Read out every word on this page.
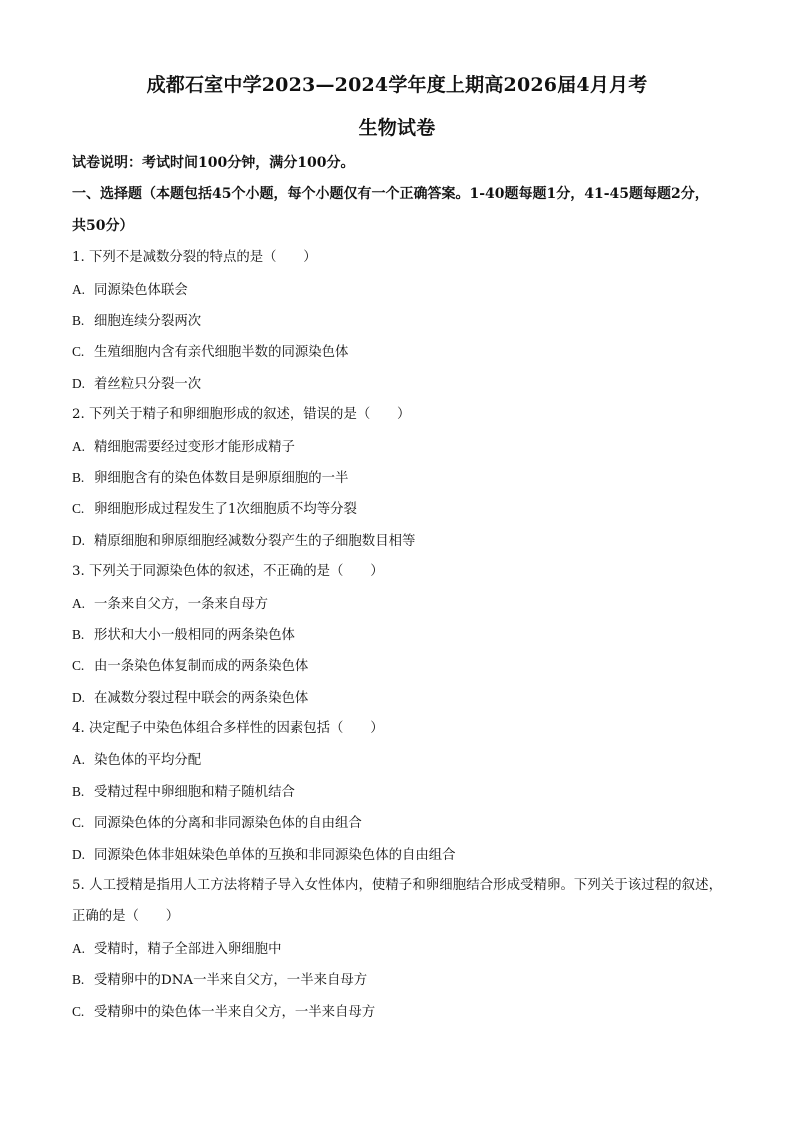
成都石室中学2023—2024学年度上期高2026届4月月考
生物试卷
试卷说明：考试时间100分钟，满分100分。
一、选择题（本题包括45个小题，每个小题仅有一个正确答案。1-40题每题1分，41-45题每题2分，共50分）
1. 下列不是减数分裂的特点的是（　　）
A. 同源染色体联会
B. 细胞连续分裂两次
C. 生殖细胞内含有亲代细胞半数的同源染色体
D. 着丝粒只分裂一次
2. 下列关于精子和卵细胞形成的叙述，错误的是（　　）
A. 精细胞需要经过变形才能形成精子
B. 卵细胞含有的染色体数目是卵原细胞的一半
C. 卵细胞形成过程发生了1次细胞质不均等分裂
D. 精原细胞和卵原细胞经减数分裂产生的子细胞数目相等
3. 下列关于同源染色体的叙述，不正确的是（　　）
A. 一条来自父方，一条来自母方
B. 形状和大小一般相同的两条染色体
C. 由一条染色体复制而成的两条染色体
D. 在减数分裂过程中联会的两条染色体
4. 决定配子中染色体组合多样性的因素包括（　　）
A. 染色体的平均分配
B. 受精过程中卵细胞和精子随机结合
C. 同源染色体的分离和非同源染色体的自由组合
D. 同源染色体非姐妹染色单体的互换和非同源染色体的自由组合
5. 人工授精是指用人工方法将精子导入女性体内，使精子和卵细胞结合形成受精卵。下列关于该过程的叙述，正确的是（　　）
A. 受精时，精子全部进入卵细胞中
B. 受精卵中的DNA一半来自父方，一半来自母方
C. 受精卵中的染色体一半来自父方，一半来自母方
